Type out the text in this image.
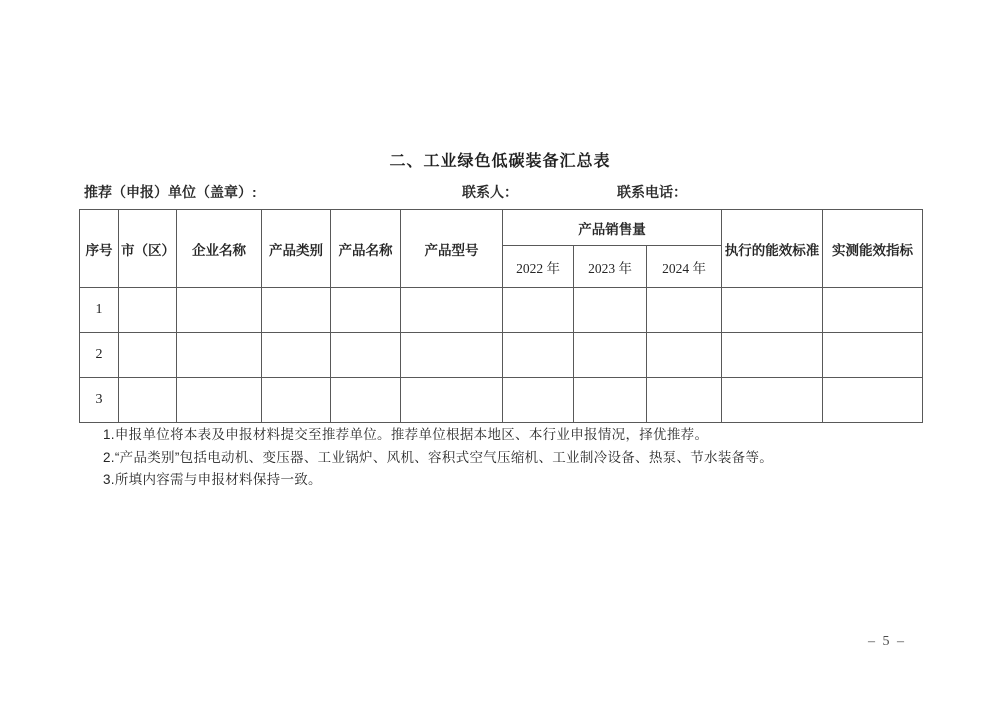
二、工业绿色低碳装备汇总表
推荐（申报）单位（盖章）:	联系人：	联系电话：
序号	市（区）	企业名称	产品类别	产品名称	产品型号	产品销售量			执行的能效标准	实测能效指标
						2022 年	2023 年	2024 年		
1										
2										
3										

1.申报单位将本表及申报材料提交至推荐单位。推荐单位根据本地区、本行业申报情况，择优推荐。

2.“产品类别”包括电动机、变压器、工业锅炉、风机、容积式空气压缩机、工业制冷设备、热泵、节水装备等。

3.所填内容需与申报材料保持一致。

– 5 –
